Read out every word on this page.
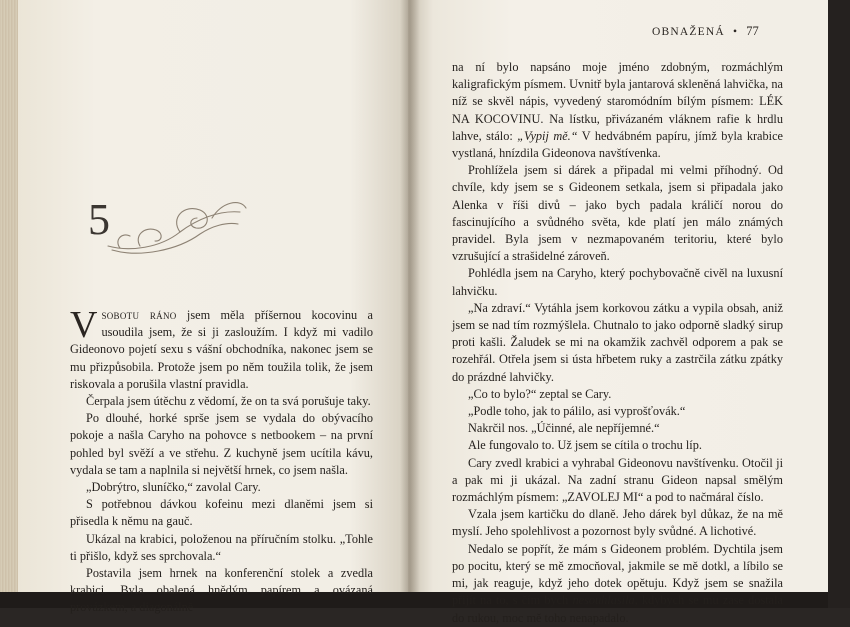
OBNAŽENÁ • 77
5

Vsobotu ráno jsem měla příšernou kocovinu a usoudila jsem, že si ji zasloužím. I když mi vadilo Gideonovo pojetí sexu s vášní obchodníka, nakonec jsem se mu přizpůsobila. Protože jsem po něm toužila tolik, že jsem riskovala a porušila vlastní pravidla.

Čerpala jsem útěchu z vědomí, že on ta svá porušuje taky.

Po dlouhé, horké sprše jsem se vydala do obývacího pokoje a našla Caryho na pohovce s netbookem – na první pohled byl svěží a ve střehu. Z kuchyně jsem ucítila kávu, vydala se tam a naplnila si největší hrnek, co jsem našla.

„Dobrýtro, sluníčko,“ zavolal Cary.

S potřebnou dávkou kofeinu mezi dlaněmi jsem si přisedla k němu na gauč.

Ukázal na krabici, položenou na příručním stolku. „Tohle ti přišlo, když ses sprchovala.“

Postavila jsem hrnek na konferenční stolek a zvedla krabici. Byla obalená hnědým papírem a ovázaná provázkem, a diagonálně

na ní bylo napsáno moje jméno zdobným, rozmáchlým kaligrafickým písmem. Uvnitř byla jantarová skleněná lahvička, na níž se skvěl nápis, vyvedený staromódním bílým písmem: LÉK NA KOCOVINU. Na lístku, přivázaném vláknem rafie k hrdlu lahve, stálo: „Vypij mě.“ V hedvábném papíru, jímž byla krabice vystlaná, hnízdila Gideonova navštívenka.

Prohlížela jsem si dárek a připadal mi velmi příhodný. Od chvíle, kdy jsem se s Gideonem setkala, jsem si připadala jako Alenka v říši divů – jako bych padala králičí norou do fascinujícího a svůdného světa, kde platí jen málo známých pravidel. Byla jsem v nezmapovaném teritoriu, které bylo vzrušující a strašidelné zároveň.

Pohlédla jsem na Caryho, který pochybovačně civěl na luxusní lahvičku.

„Na zdraví.“ Vytáhla jsem korkovou zátku a vypila obsah, aniž jsem se nad tím rozmýšlela. Chutnalo to jako odporně sladký sirup proti kašli. Žaludek se mi na okamžik zachvěl odporem a pak se rozehřál. Otřela jsem si ústa hřbetem ruky a zastrčila zátku zpátky do prázdné lahvičky.

„Co to bylo?“ zeptal se Cary.

„Podle toho, jak to pálilo, asi vyprošťovák.“

Nakrčil nos. „Účinné, ale nepříjemné.“

Ale fungovalo to. Už jsem se cítila o trochu líp.

Cary zvedl krabici a vyhrabal Gideonovu navštívenku. Otočil ji a pak mi ji ukázal. Na zadní stranu Gideon napsal smělým rozmáchlým písmem: „ZAVOLEJ MI“ a pod to načmáral číslo.

Vzala jsem kartičku do dlaně. Jeho dárek byl důkaz, že na mě myslí. Jeho spolehlivost a pozornost byly svůdné. A lichotivé.

Nedalo se popřít, že mám s Gideonem problém. Dychtila jsem po pocitu, který se mě zmocňoval, jakmile se mě dotkl, a líbilo se mi, jak reaguje, když jeho dotek opětuju. Když jsem se snažila přijít na to, s čím bych nesouhlasila, kdybych se mu zase dostala do rukou, moc mě toho nenapadalo.
